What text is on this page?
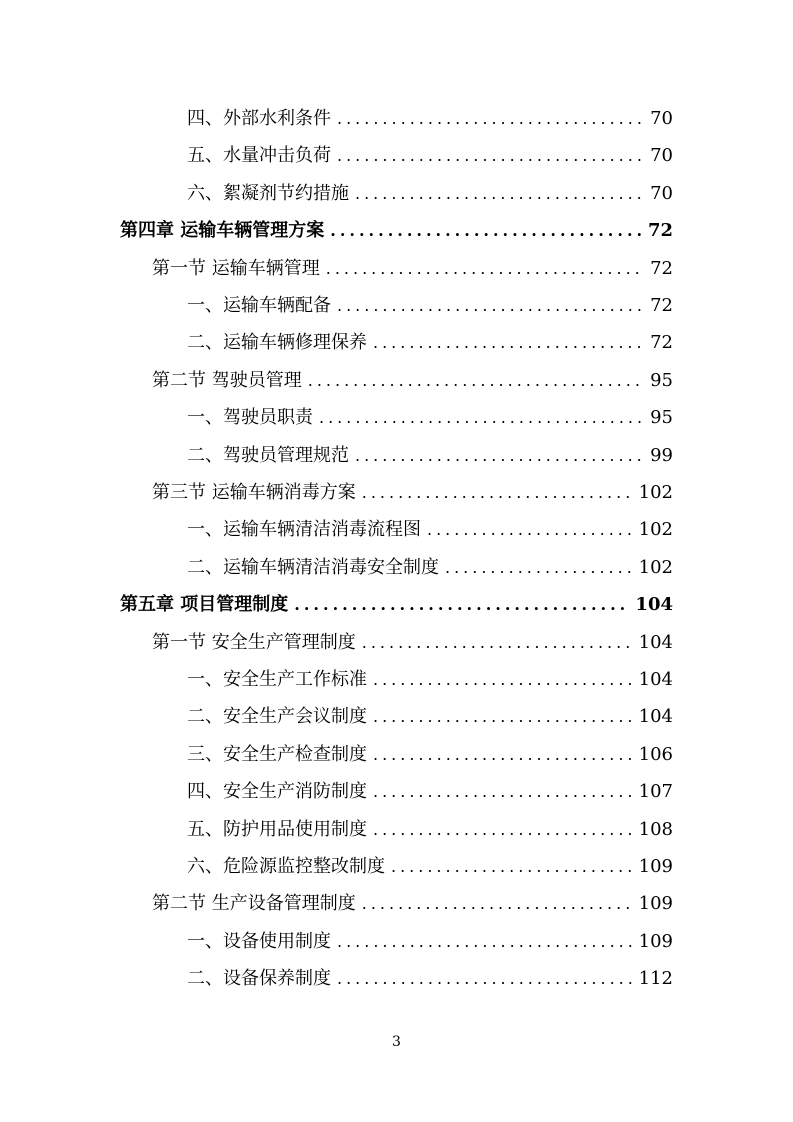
四、外部水利条件 .....	70
五、水量冲击负荷 .....	70
六、絮凝剂节约措施 .....	70
第四章 运输车辆管理方案 .....	72
第一节 运输车辆管理 .....	72
一、运输车辆配备 .....	72
二、运输车辆修理保养 .....	72
第二节 驾驶员管理 .....	95
一、驾驶员职责 .....	95
二、驾驶员管理规范 .....	99
第三节 运输车辆消毒方案 .....	102
一、运输车辆清洁消毒流程图 .....	102
二、运输车辆清洁消毒安全制度 .....	102
第五章 项目管理制度 .....	104
第一节 安全生产管理制度 .....	104
一、安全生产工作标准 .....	104
二、安全生产会议制度 .....	104
三、安全生产检查制度 .....	106
四、安全生产消防制度 .....	107
五、防护用品使用制度 .....	108
六、危险源监控整改制度 .....	109
第二节 生产设备管理制度 .....	109
一、设备使用制度 .....	109
二、设备保养制度 .....	112
3
